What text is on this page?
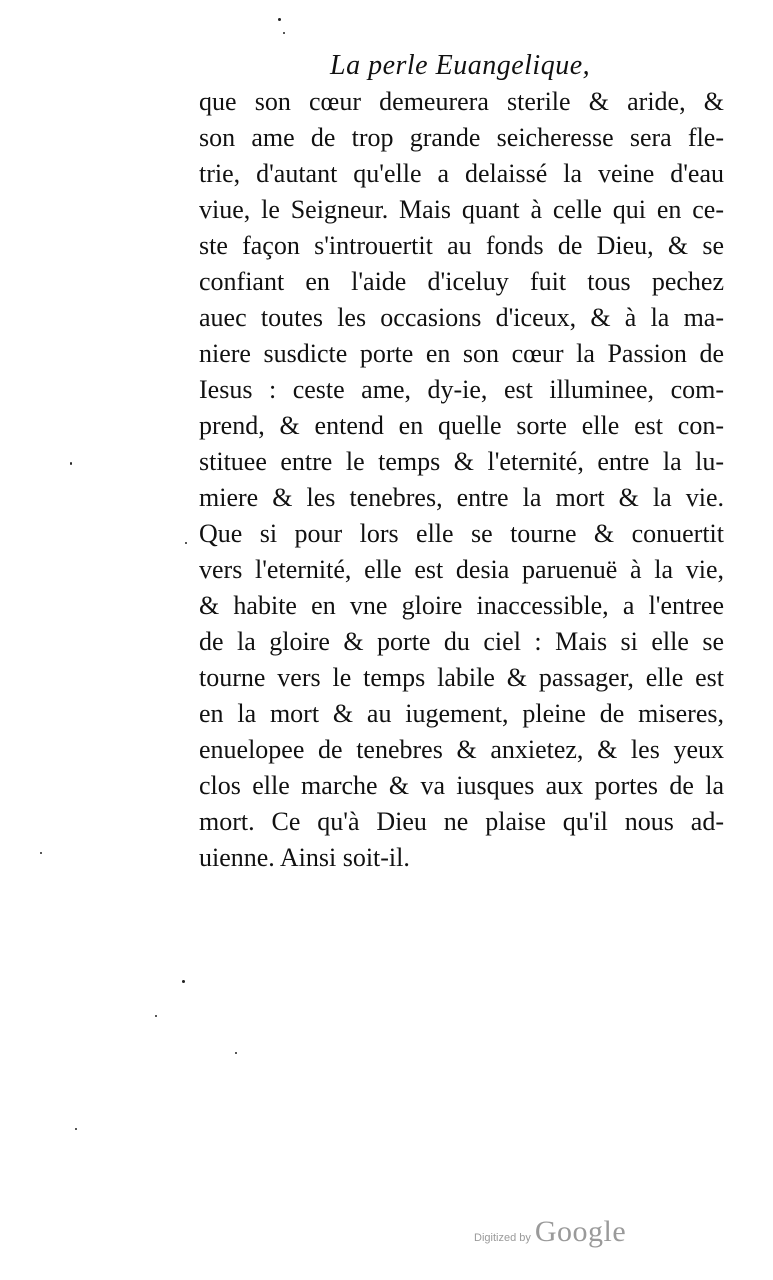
La perle Euangelique,
que son cœur demeurera sterile & aride, &
son ame de trop grande seicheresse sera fle-
trie, d'autant qu'elle a delaissé la veine d'eau
viue, le Seigneur. Mais quant à celle qui en ce-
ste façon s'introuertit au fonds de Dieu, & se
confiant en l'aide d'iceluy fuit tous pechez
auec toutes les occasions d'iceux, & à la ma-
niere susdicte porte en son cœur la Passion de
Iesus : ceste ame, dy-ie, est illuminee, com-
prend, & entend en quelle sorte elle est con-
stituee entre le temps & l'eternité, entre la lu-
miere & les tenebres, entre la mort & la vie.
Que si pour lors elle se tourne & conuertit
vers l'eternité, elle est desia paruenuë à la vie,
& habite en vne gloire inaccessible, a l'entree
de la gloire & porte du ciel : Mais si elle se
tourne vers le temps labile & passager, elle est
en la mort & au iugement, pleine de miseres,
enuelopee de tenebres & anxietez, & les yeux
clos elle marche & va iusques aux portes de la
mort. Ce qu'à Dieu ne plaise qu'il nous ad-
uienne. Ainsi soit-il.
Digitized by Google
